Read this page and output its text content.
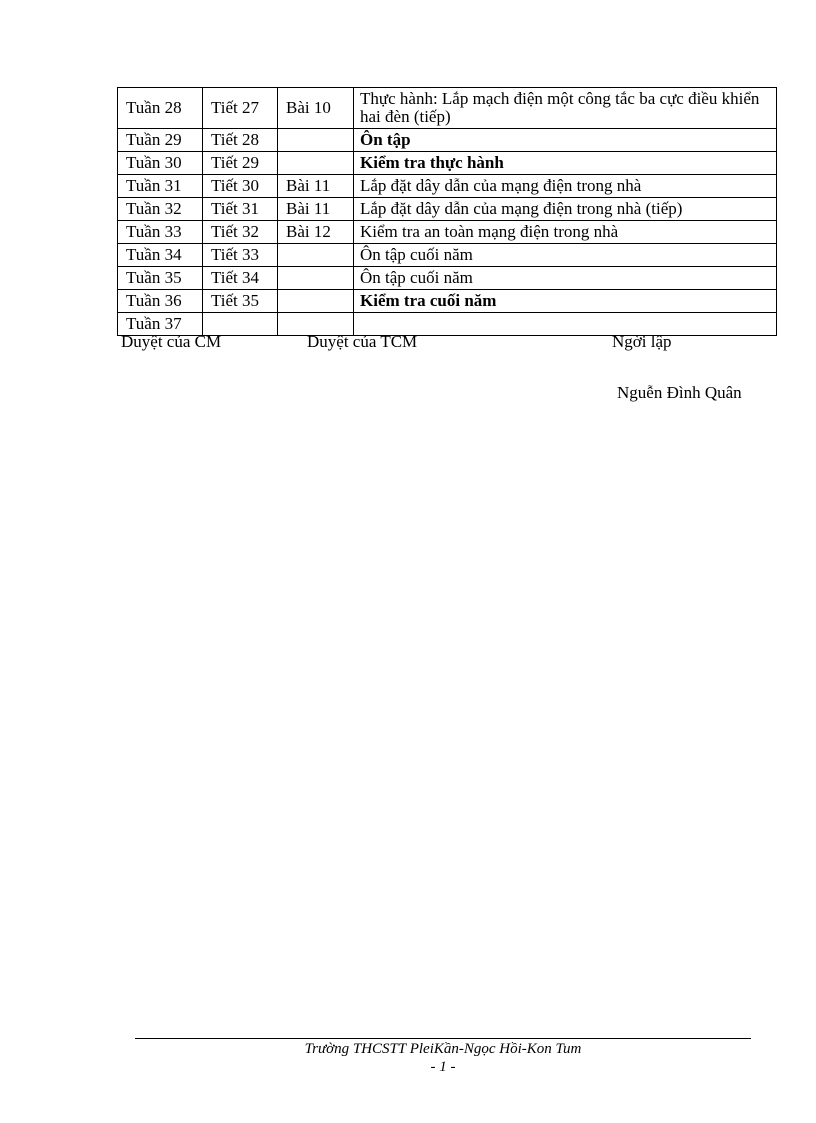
Tuần 28	Tiết 27	Bài 10	Thực hành: Lắp mạch điện một công tắc ba cực điều khiển hai đèn (tiếp)
Tuần 29	Tiết 28		Ôn tập
Tuần 30	Tiết 29		Kiểm tra thực hành
Tuần 31	Tiết 30	Bài 11	Lắp đặt dây dẫn của mạng điện trong nhà
Tuần 32	Tiết 31	Bài 11	Lắp đặt dây dẫn của mạng điện trong nhà (tiếp)
Tuần 33	Tiết 32	Bài 12	Kiểm tra an toàn mạng điện trong nhà
Tuần 34	Tiết 33		Ôn tập cuối năm
Tuần 35	Tiết 34		Ôn tập cuối năm
Tuần 36	Tiết 35		Kiểm tra cuối năm
Tuần 37			
Duyệt của CM	Duyệt của TCM	Ngời lập
Nguễn Đình Quân
Trường THCSTT PleiKần-Ngọc Hồi-Kon Tum
- 1 -
